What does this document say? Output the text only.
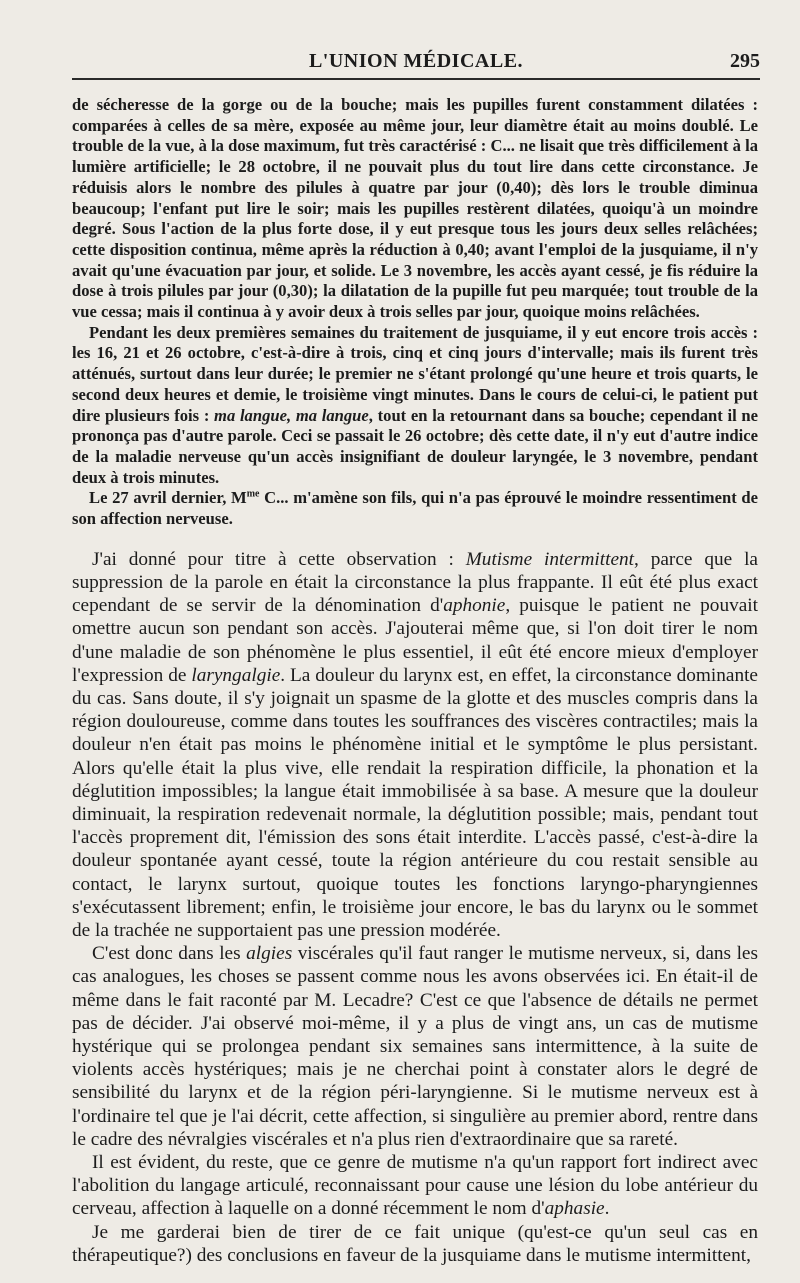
L'UNION MÉDICALE.	295

de sécheresse de la gorge ou de la bouche; mais les pupilles furent constamment dilatées : comparées à celles de sa mère, exposée au même jour, leur diamètre était au moins doublé. Le trouble de la vue, à la dose maximum, fut très caractérisé : C... ne lisait que très difficilement à la lumière artificielle; le 28 octobre, il ne pouvait plus du tout lire dans cette circonstance. Je réduisis alors le nombre des pilules à quatre par jour (0,40); dès lors le trouble diminua beaucoup; l'enfant put lire le soir; mais les pupilles restèrent dilatées, quoiqu'à un moindre degré. Sous l'action de la plus forte dose, il y eut presque tous les jours deux selles relâchées; cette disposition continua, même après la réduction à 0,40; avant l'emploi de la jusquiame, il n'y avait qu'une évacuation par jour, et solide. Le 3 novembre, les accès ayant cessé, je fis réduire la dose à trois pilules par jour (0,30); la dilatation de la pupille fut peu marquée; tout trouble de la vue cessa; mais il continua à y avoir deux à trois selles par jour, quoique moins relâchées.

Pendant les deux premières semaines du traitement de jusquiame, il y eut encore trois accès : les 16, 21 et 26 octobre, c'est-à-dire à trois, cinq et cinq jours d'intervalle; mais ils furent très atténués, surtout dans leur durée; le premier ne s'étant prolongé qu'une heure et trois quarts, le second deux heures et demie, le troisième vingt minutes. Dans le cours de celui-ci, le patient put dire plusieurs fois : ma langue, ma langue, tout en la retournant dans sa bouche; cependant il ne prononça pas d'autre parole. Ceci se passait le 26 octobre; dès cette date, il n'y eut d'autre indice de la maladie nerveuse qu'un accès insignifiant de douleur laryngée, le 3 novembre, pendant deux à trois minutes.

Le 27 avril dernier, $M^{me}$ C... m'amène son fils, qui n'a pas éprouvé le moindre ressentiment de son affection nerveuse.

J'ai donné pour titre à cette observation : Mutisme intermittent, parce que la suppression de la parole en était la circonstance la plus frappante. Il eût été plus exact cependant de se servir de la dénomination d'aphonie, puisque le patient ne pouvait omettre aucun son pendant son accès. J'ajouterai même que, si l'on doit tirer le nom d'une maladie de son phénomène le plus essentiel, il eût été encore mieux d'employer l'expression de laryngalgie. La douleur du larynx est, en effet, la circonstance dominante du cas. Sans doute, il s'y joignait un spasme de la glotte et des muscles compris dans la région douloureuse, comme dans toutes les souffrances des viscères contractiles; mais la douleur n'en était pas moins le phénomène initial et le symptôme le plus persistant. Alors qu'elle était la plus vive, elle rendait la respiration difficile, la phonation et la déglutition impossibles; la langue était immobilisée à sa base. A mesure que la douleur diminuait, la respiration redevenait normale, la déglutition possible; mais, pendant tout l'accès proprement dit, l'émission des sons était interdite. L'accès passé, c'est-à-dire la douleur spontanée ayant cessé, toute la région antérieure du cou restait sensible au contact, le larynx surtout, quoique toutes les fonctions laryngo-pharyngiennes s'exécutassent librement; enfin, le troisième jour encore, le bas du larynx ou le sommet de la trachée ne supportaient pas une pression modérée.

C'est donc dans les algies viscérales qu'il faut ranger le mutisme nerveux, si, dans les cas analogues, les choses se passent comme nous les avons observées ici. En était-il de même dans le fait raconté par M. Lecadre? C'est ce que l'absence de détails ne permet pas de décider. J'ai observé moi-même, il y a plus de vingt ans, un cas de mutisme hystérique qui se prolongea pendant six semaines sans intermittence, à la suite de violents accès hystériques; mais je ne cherchai point à constater alors le degré de sensibilité du larynx et de la région péri-laryngienne. Si le mutisme nerveux est à l'ordinaire tel que je l'ai décrit, cette affection, si singulière au premier abord, rentre dans le cadre des névralgies viscérales et n'a plus rien d'extraordinaire que sa rareté.

Il est évident, du reste, que ce genre de mutisme n'a qu'un rapport fort indirect avec l'abolition du langage articulé, reconnaissant pour cause une lésion du lobe antérieur du cerveau, affection à laquelle on a donné récemment le nom d'aphasie.

Je me garderai bien de tirer de ce fait unique (qu'est-ce qu'un seul cas en thérapeutique?) des conclusions en faveur de la jusquiame dans le mutisme intermittent,
